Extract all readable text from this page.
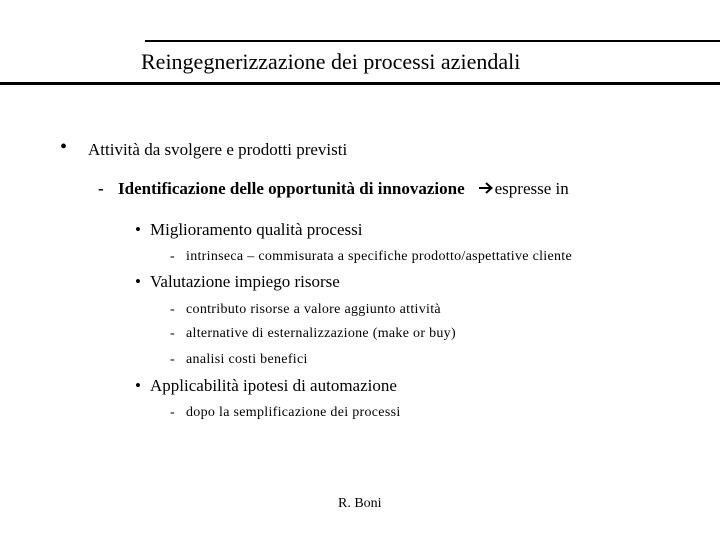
Reingegnerizzazione dei processi aziendali
• Attività da svolgere e prodotti previsti
- Identificazione delle opportunità di innovazione espresse in
• Miglioramento qualità processi
- intrinseca – commisurata a specifiche prodotto/aspettative cliente
• Valutazione impiego risorse
- contributo risorse a valore aggiunto attività
- alternative di esternalizzazione (make or buy)
- analisi costi benefici
• Applicabilità ipotesi di automazione
- dopo la semplificazione dei processi
R. Boni
